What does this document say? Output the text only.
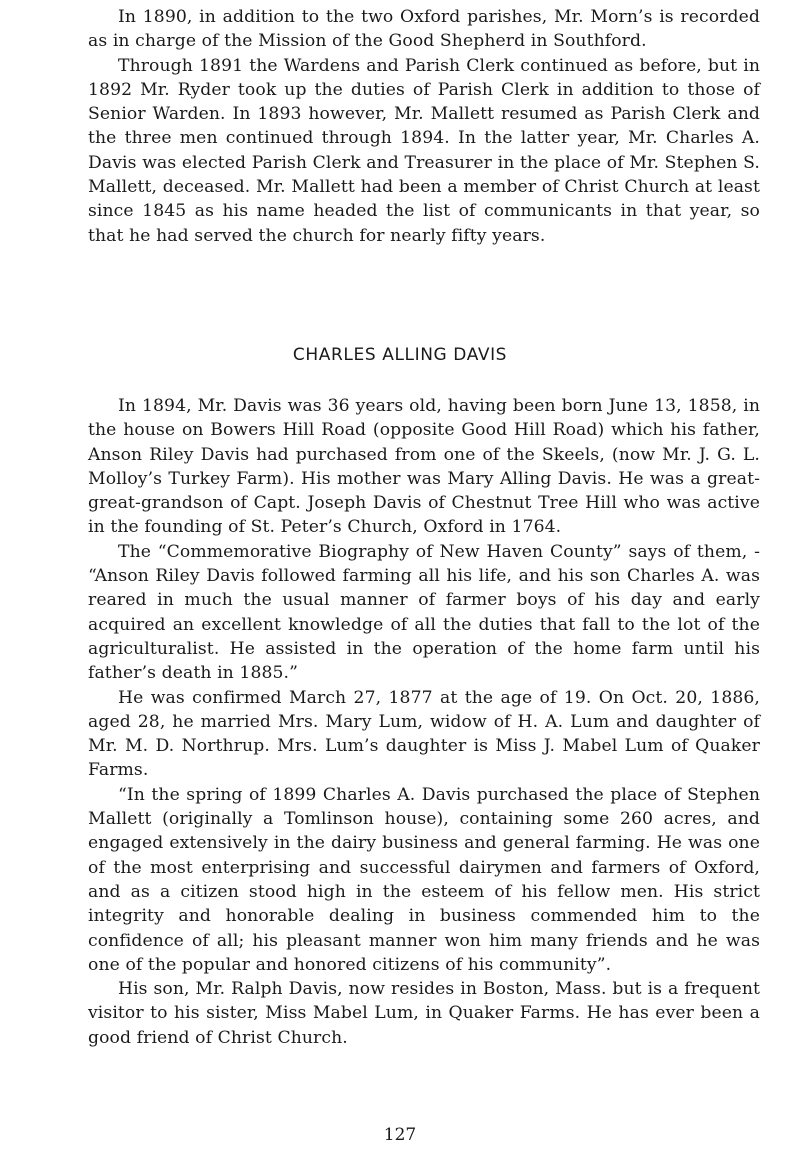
In 1890, in addition to the two Oxford parishes, Mr. Morn’s is recorded as in charge of the Mission of the Good Shepherd in Southford.

Through 1891 the Wardens and Parish Clerk continued as before, but in 1892 Mr. Ryder took up the duties of Parish Clerk in addition to those of Senior Warden. In 1893 however, Mr. Mallett resumed as Parish Clerk and the three men continued through 1894. In the latter year, Mr. Charles A. Davis was elected Parish Clerk and Treasurer in the place of Mr. Stephen S. Mallett, deceased. Mr. Mallett had been a member of Christ Church at least since 1845 as his name headed the list of communicants in that year, so that he had served the church for nearly fifty years.

CHARLES ALLING DAVIS

In 1894, Mr. Davis was 36 years old, having been born June 13, 1858, in the house on Bowers Hill Road (opposite Good Hill Road) which his father, Anson Riley Davis had purchased from one of the Skeels, (now Mr. J. G. L. Molloy’s Turkey Farm). His mother was Mary Alling Davis. He was a great- great-grandson of Capt. Joseph Davis of Chestnut Tree Hill who was active in the founding of St. Peter’s Church, Oxford in 1764.

The “Commemorative Biography of New Haven County” says of them, - “Anson Riley Davis followed farming all his life, and his son Charles A. was reared in much the usual manner of farmer boys of his day and early acquired an excellent knowledge of all the duties that fall to the lot of the agriculturalist. He assisted in the operation of the home farm until his father’s death in 1885.”

He was confirmed March 27, 1877 at the age of 19. On Oct. 20, 1886, aged 28, he married Mrs. Mary Lum, widow of H. A. Lum and daughter of Mr. M. D. Northrup. Mrs. Lum’s daughter is Miss J. Mabel Lum of Quaker Farms.

“In the spring of 1899 Charles A. Davis purchased the place of Stephen Mallett (originally a Tomlinson house), containing some 260 acres, and engaged extensively in the dairy business and general farming. He was one of the most enterprising and successful dairymen and farmers of Oxford, and as a citizen stood high in the esteem of his fellow men. His strict integrity and honorable dealing in business commended him to the confidence of all; his pleasant manner won him many friends and he was one of the popular and honored citizens of his community”.

His son, Mr. Ralph Davis, now resides in Boston, Mass. but is a frequent visitor to his sister, Miss Mabel Lum, in Quaker Farms. He has ever been a good friend of Christ Church.

127
